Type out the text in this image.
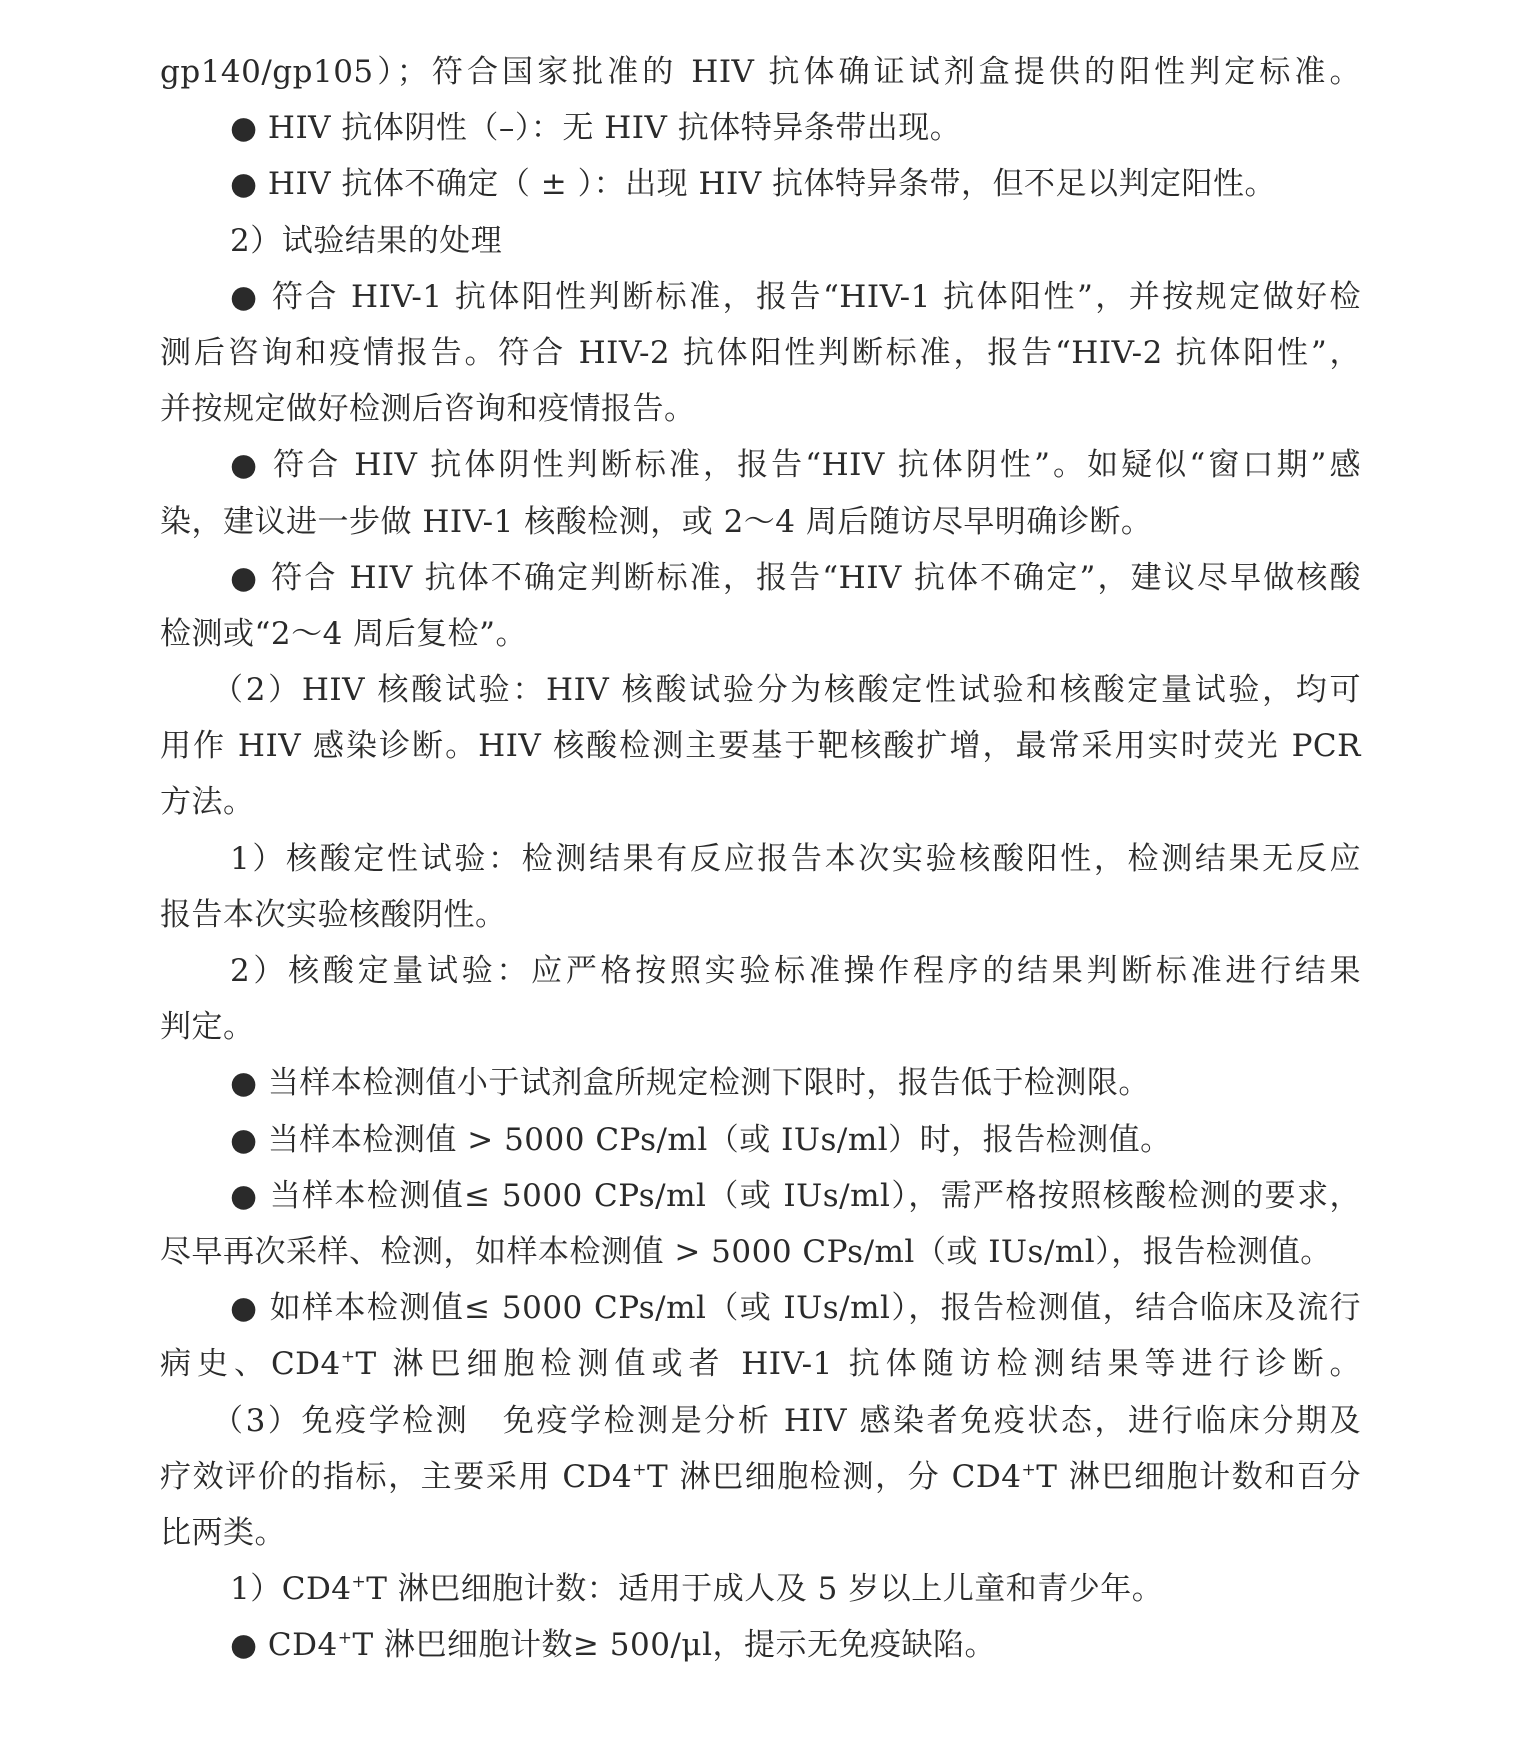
gp140/gp105）；符合国家批准的 HIV 抗体确证试剂盒提供的阳性判定标准。
● HIV 抗体阴性（–）：无 HIV 抗体特异条带出现。
● HIV 抗体不确定（ ± ）：出现 HIV 抗体特异条带，但不足以判定阳性。
2）试验结果的处理
● 符合 HIV-1 抗体阳性判断标准，报告“HIV-1 抗体阳性”，并按规定做好检
测后咨询和疫情报告。符合 HIV-2 抗体阳性判断标准，报告“HIV-2 抗体阳性”，
并按规定做好检测后咨询和疫情报告。
● 符合 HIV 抗体阴性判断标准，报告“HIV 抗体阴性”。如疑似“窗口期”感
染，建议进一步做 HIV-1 核酸检测，或 2～4 周后随访尽早明确诊断。
● 符合 HIV 抗体不确定判断标准，报告“HIV 抗体不确定”，建议尽早做核酸
检测或“2～4 周后复检”。
（2）HIV 核酸试验：HIV 核酸试验分为核酸定性试验和核酸定量试验，均可
用作 HIV 感染诊断。HIV 核酸检测主要基于靶核酸扩增，最常采用实时荧光 PCR
方法。
1）核酸定性试验：检测结果有反应报告本次实验核酸阳性，检测结果无反应
报告本次实验核酸阴性。
2）核酸定量试验：应严格按照实验标准操作程序的结果判断标准进行结果
判定。
● 当样本检测值小于试剂盒所规定检测下限时，报告低于检测限。
● 当样本检测值 > 5000 CPs/ml（或 IUs/ml）时，报告检测值。
● 当样本检测值≤ 5000 CPs/ml（或 IUs/ml），需严格按照核酸检测的要求，
尽早再次采样、检测，如样本检测值 > 5000 CPs/ml（或 IUs/ml），报告检测值。
● 如样本检测值≤ 5000 CPs/ml（或 IUs/ml），报告检测值，结合临床及流行
病史、CD4+T 淋巴细胞检测值或者 HIV-1 抗体随访检测结果等进行诊断。
（3）免疫学检测　免疫学检测是分析 HIV 感染者免疫状态，进行临床分期及
疗效评价的指标，主要采用 CD4+T 淋巴细胞检测，分 CD4+T 淋巴细胞计数和百分
比两类。
1）CD4+T 淋巴细胞计数：适用于成人及 5 岁以上儿童和青少年。
● CD4+T 淋巴细胞计数≥ 500/μl，提示无免疫缺陷。
